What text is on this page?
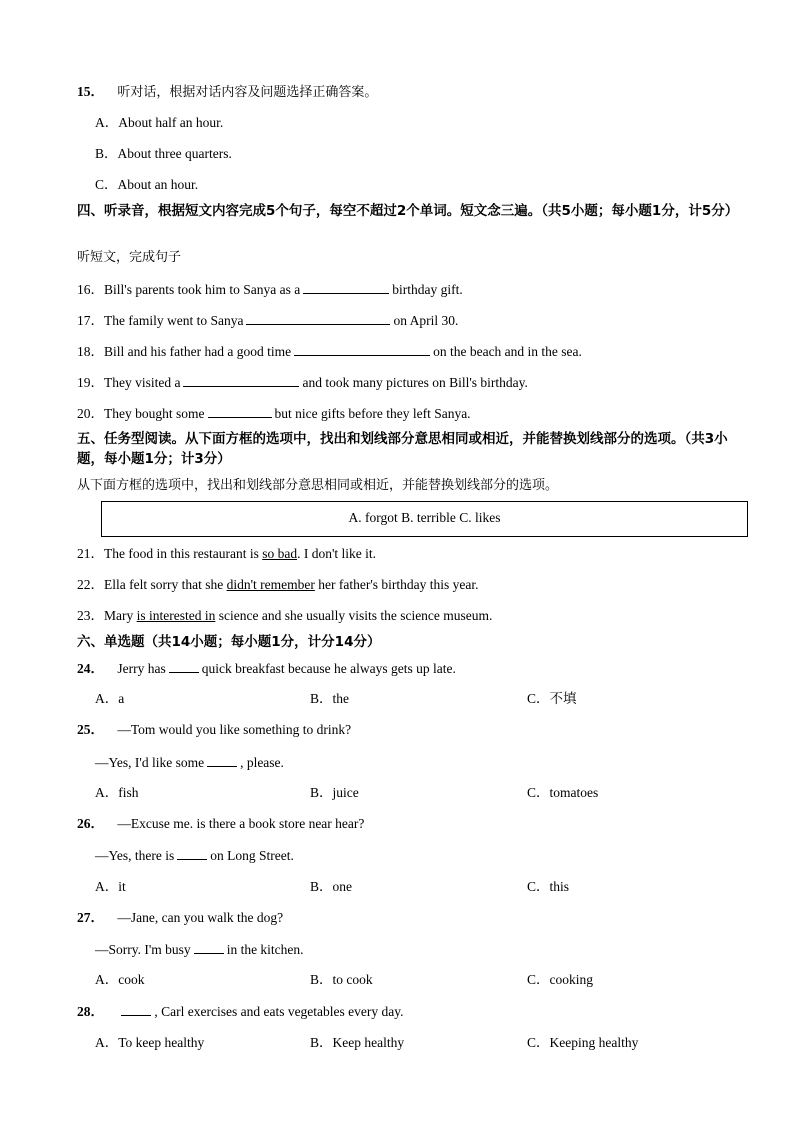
15． 听对话，根据对话内容及问题选择正确答案。
A．About half an hour.
B．About three quarters.
C．About an hour.
四、听录音，根据短文内容完成5个句子，每空不超过2个单词。短文念三遍。（共5小题；每小题1分，计5分）
听短文，完成句子
16．Bill's parents took him to Sanya as a	birthday gift.
17．The family went to Sanya	on April 30.
18．Bill and his father had a good time	on the beach and in the sea.
19．They visited a	and took many pictures on Bill's birthday.
20．They bought some	but nice gifts before they left Sanya.
五、任务型阅读。从下面方框的选项中，找出和划线部分意思相同或相近，并能替换划线部分的选项。（共3小题，每小题1分；计3分）
从下面方框的选项中，找出和划线部分意思相同或相近，并能替换划线部分的选项。
A. forgot B. terrible C. likes
21．The food in this restaurant is so bad. I don't like it.
22．Ella felt sorry that she didn't remember her father's birthday this year.
23．Mary is interested in science and she usually visits the science museum.
六、单选题（共14小题；每小题1分，计分14分）
24． Jerry has	quick breakfast because he always gets up late.
A．a	B．the	C．不填
25． —Tom would you like something to drink?
—Yes, I'd like some	, please.
A．fish	B．juice	C．tomatoes
26． —Excuse me. is there a book store near hear?
—Yes, there is	on Long Street.
A．it	B．one	C．this
27． —Jane, can you walk the dog?
—Sorry. I'm busy	in the kitchen.
A．cook	B．to cook	C．cooking
28．	, Carl exercises and eats vegetables every day.
A．To keep healthy	B．Keep healthy	C．Keeping healthy
